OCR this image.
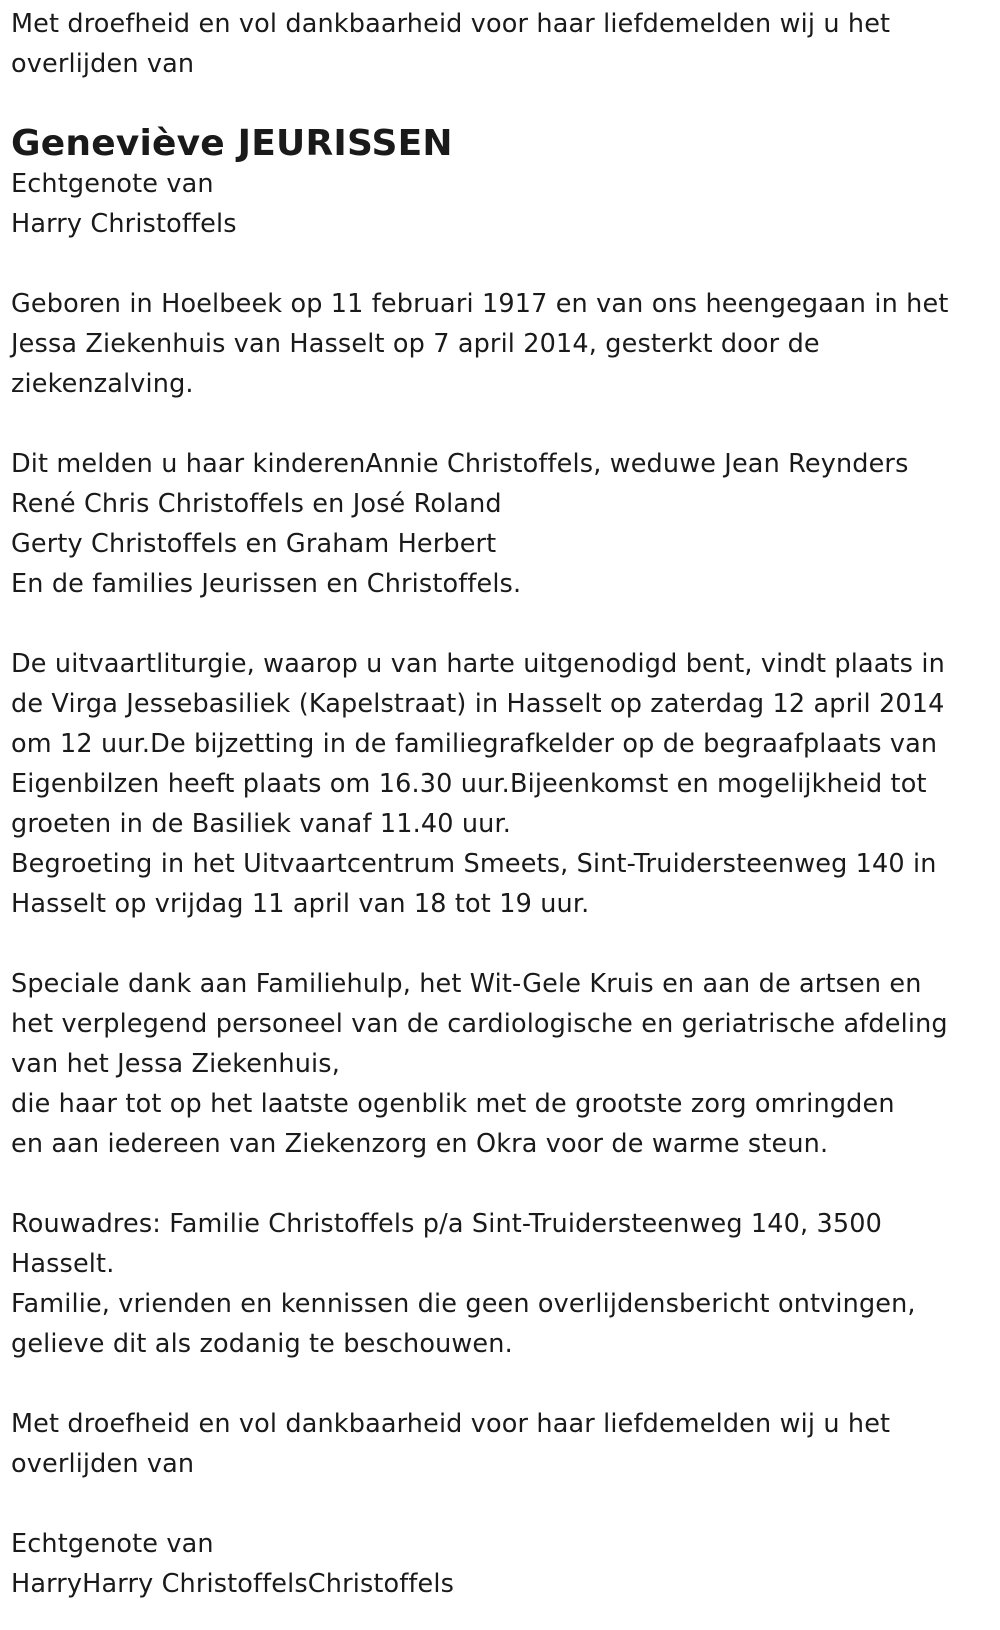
Met droefheid en vol dankbaarheid voor haar liefdemelden wij u het
overlijden van
Geneviève JEURISSEN
Echtgenote van
Harry Christoffels
Geboren in Hoelbeek op 11 februari 1917 en van ons heengegaan in het
Jessa Ziekenhuis van Hasselt op 7 april 2014, gesterkt door de
ziekenzalving.
Dit melden u haar kinderenAnnie Christoffels, weduwe Jean Reynders
René Chris Christoffels en José Roland
Gerty Christoffels en Graham Herbert
En de families Jeurissen en Christoffels.
De uitvaartliturgie, waarop u van harte uitgenodigd bent, vindt plaats in
de Virga Jessebasiliek (Kapelstraat) in Hasselt op zaterdag 12 april 2014
om 12 uur.De bijzetting in de familiegrafkelder op de begraafplaats van
Eigenbilzen heeft plaats om 16.30 uur.Bijeenkomst en mogelijkheid tot
groeten in de Basiliek vanaf 11.40 uur.
Begroeting in het Uitvaartcentrum Smeets, Sint-Truidersteenweg 140 in
Hasselt op vrijdag 11 april van 18 tot 19 uur.
Speciale dank aan Familiehulp, het Wit-Gele Kruis en aan de artsen en
het verplegend personeel van de cardiologische en geriatrische afdeling
van het Jessa Ziekenhuis,
die haar tot op het laatste ogenblik met de grootste zorg omringden
en aan iedereen van Ziekenzorg en Okra voor de warme steun.
Rouwadres: Familie Christoffels p/a Sint-Truidersteenweg 140, 3500
Hasselt.
Familie, vrienden en kennissen die geen overlijdensbericht ontvingen,
gelieve dit als zodanig te beschouwen.
Met droefheid en vol dankbaarheid voor haar liefdemelden wij u het
overlijden van
Echtgenote van
HarryHarry ChristoffelsChristoffels
